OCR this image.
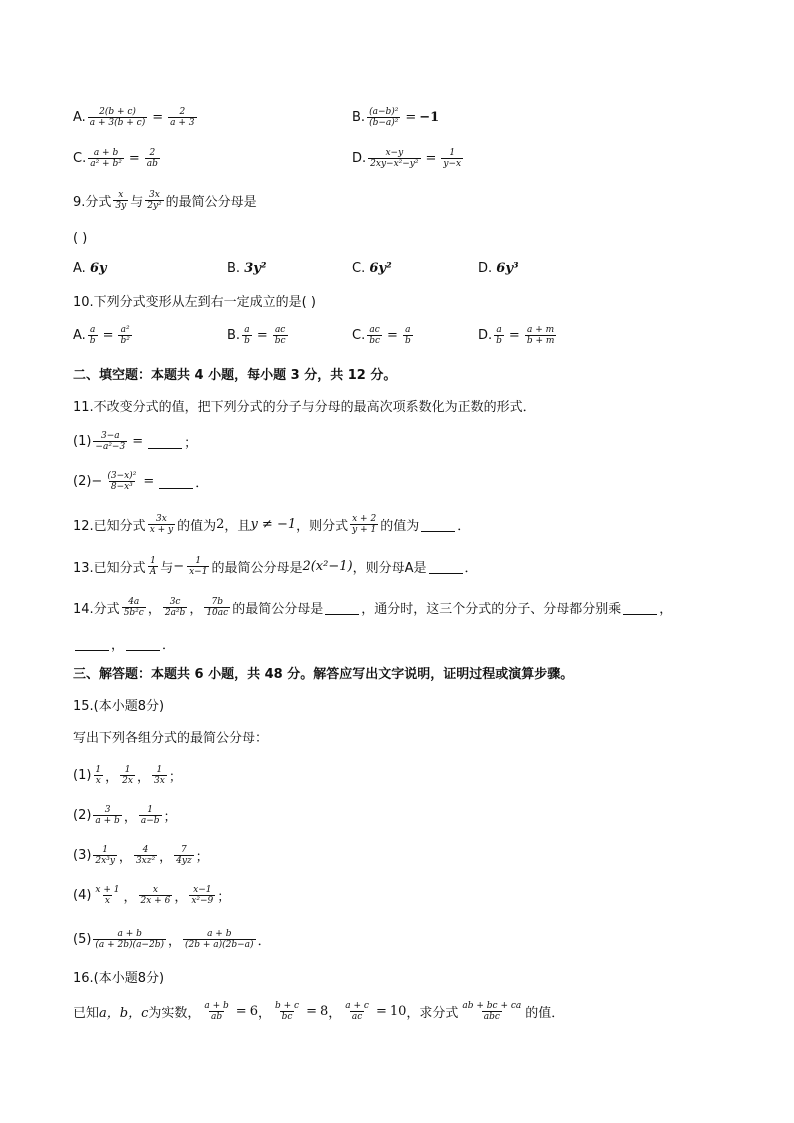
A. $\frac{2(b + c)}{a + 3(b + c)} = \frac{2}{a + 3}$	B. $\frac{\text{(a−b)²}}{\text{(b−a)²}} = -1$
C. $\frac{a + b}{\text{a² + b²}} = \frac{2}{ab}$	D. $\frac{x-y}{\text{2xy−x²−y²}} = \frac{1}{y-x}$
9.分式 $\frac{x}{3y}$ 与 $\frac{3x}{\text{2y²}}$ 的最简公分母是
( )
A.
6y	B.
3y²	C.
6y²	D.
6y³
10.下列分式变形从左到右一定成立的是( )
A. $\frac{a}{b} = \frac{\text{a²}}{\text{b²}}$	B. $\frac{a}{b} = \frac{ac}{bc}$	C. $\frac{ac}{bc} = \frac{a}{b}$	D. $\frac{a}{b} = \frac{a + m}{b + m}$
二、填空题：本题共 4 小题，每小题 3 分，共 12 分。
11.不改变分式的值，把下列分式的分子与分母的最高次项系数化为正数的形式．
$(1) \frac{3-a}{\text{−a²−3}}$ =	；
$(2) - \frac{\text{(3−x)²}}{\text{8−x³}}$ =	．
12.已知分式 $\frac{3x}{x + y}$ 的值为 2 ，且 y ≠ −1 ，则分式 $\frac{x + 2}{y + 1}$ 的值为	．
13.已知分式 $\frac{1}{A}$ 与 − $\frac{1}{x-1}$ 的最简公分母是 2(x²−1) ，则分母A是	．
14.分式 $\frac{4a}{\text{5b²c}}$ ， $\frac{3c}{\text{2a²b}}$ ， $\frac{7b}{10ac}$ 的最简公分母是	，通分时，这三个分式的分子、分母都分别乘	，
，	．
三、解答题：本题共 6 小题，共 48 分。解答应写出文字说明，证明过程或演算步骤。
15.(本小题8分)
写出下列各组分式的最简公分母：
$(1) \frac{1}{x}$ ， $\frac{1}{2x}$ ， $\frac{1}{3x}$ ；
$(2) \frac{3}{a + b}$ ， $\frac{1}{a-b}$ ；
$(3) \frac{1}{\text{2x³y}}$ ， $\frac{4}{\text{3xz²}}$ ， $\frac{7}{4yz}$ ；
$(4) \frac{x + 1}{x}$ ， $\frac{x}{2x + 6}$ ， $\frac{x-1}{\text{x²−9}}$ ；
$(5) \frac{a + b}{(a + 2b)(a-2b)}$ ， $\frac{a + b}{(2b + a)(2b-a)}$ ．
16.(本小题8分)
已知 a，b，c 为实数， $\frac{a + b}{ab} = 6$ ， $\frac{b + c}{bc} = 8$ ， $\frac{a + c}{ac} = 10$ ，求分式 $\frac{ab + bc + ca}{\text{abc}}$ 的值．
